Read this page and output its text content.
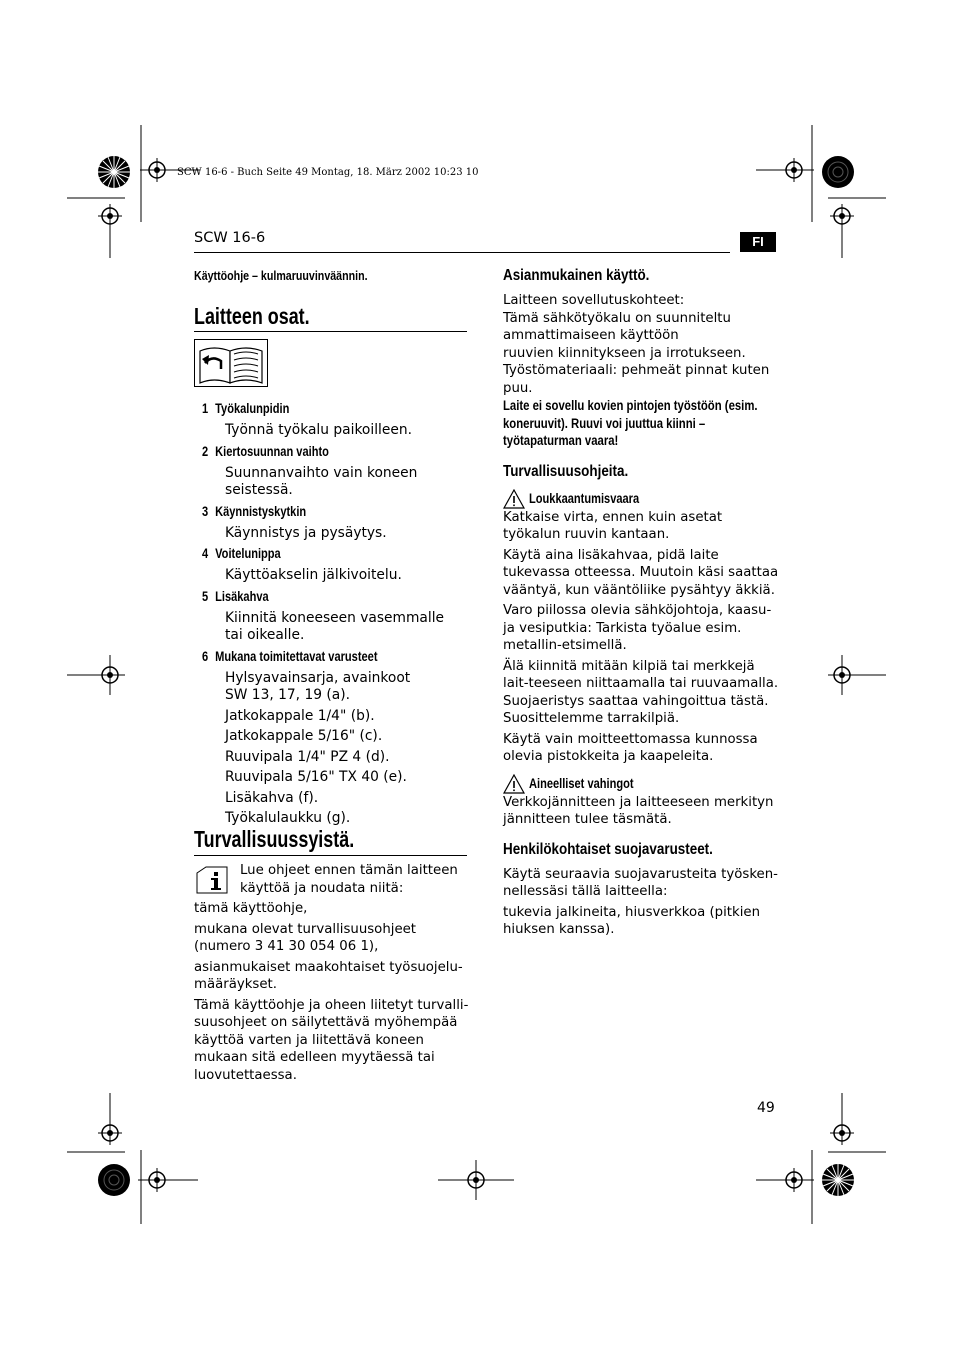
SCW 16-6 - Buch Seite 49 Montag, 18. März 2002 10:23 10
SCW 16-6	FI
Käyttöohje – kulmaruuvinväännin.
Laitteen osat.
1 Työkalunpidin
Työnnä työkalu paikoilleen.
2 Kiertosuunnan vaihto
Suunnanvaihto vain koneen seistessä.
3 Käynnistyskytkin
Käynnistys ja pysäytys.
4 Voitelunippa
Käyttöakselin jälkivoitelu.
5 Lisäkahva
Kiinnitä koneeseen vasemmalle tai oikealle.
6 Mukana toimitettavat varusteet
Hylsyavainsarja, avainkoot SW 13, 17, 19 (a).
Jatkokappale 1/4" (b).
Jatkokappale 5/16" (c).
Ruuvipala 1/4" PZ 4 (d).
Ruuvipala 5/16" TX 40 (e).
Lisäkahva (f).
Työkalulaukku (g).
Turvallisuussyistä.
Lue ohjeet ennen tämän laitteen käyttöä ja noudata niitä:

tämä käyttöohje,

mukana olevat turvallisuusohjeet (numero 3 41 30 054 06 1),

asianmukaiset maakohtaiset työsuojelu-määräykset.

Tämä käyttöohje ja oheen liitetyt turvalli-suusohjeet on säilytettävä myöhempää käyttöä varten ja liitettävä koneen mukaan sitä edelleen myytäessä tai luovutettaessa.

Asianmukainen käyttö.

Laitteen sovellutuskohteet:

Tämä sähkötyökalu on suunniteltu ammattimaiseen käyttöön

ruuvien kiinnitykseen ja irrotukseen.

Työstömateriaali: pehmeät pinnat kuten puu.

Laite ei sovellu kovien pintojen työstöön (esim. koneruuvit). Ruuvi voi juuttua kiinni – työtapaturman vaara!
Turvallisuusohjeita.
Loukkaantumisvaara

Katkaise virta, ennen kuin asetat työkalun ruuvin kantaan.

Käytä aina lisäkahvaa, pidä laite tukevassa otteessa. Muutoin käsi saattaa vääntyä, kun vääntöliike pysähtyy äkkiä.

Varo piilossa olevia sähköjohtoja, kaasu- ja vesiputkia: Tarkista työalue esim. metallin-etsimellä.

Älä kiinnitä mitään kilpiä tai merkkejä lait-teeseen niittaamalla tai ruuvaamalla. Suojaeristys saattaa vahingoittua tästä. Suosittelemme tarrakilpiä.

Käytä vain moitteettomassa kunnossa olevia pistokkeita ja kaapeleita.

Aineelliset vahingot

Verkkojännitteen ja laitteeseen merkityn jännitteen tulee täsmätä.

Henkilökohtaiset suojavarusteet.

Käytä seuraavia suojavarusteita työsken-nellessäsi tällä laitteella:

tukevia jalkineita, hiusverkkoa (pitkien hiuksen kanssa).

49
